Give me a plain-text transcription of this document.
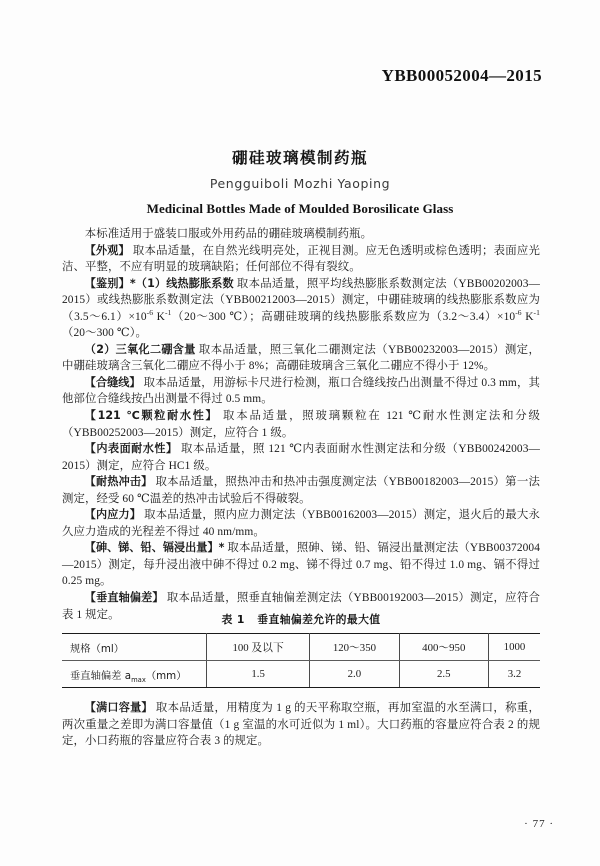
YBB00052004—2015
硼硅玻璃模制药瓶
Pengguiboli Mozhi Yaoping
Medicinal Bottles Made of Moulded Borosilicate Glass

本标准适用于盛装口服或外用药品的硼硅玻璃模制药瓶。

【外观】 取本品适量，在自然光线明亮处，正视目测。应无色透明或棕色透明；表面应光洁、平整，不应有明显的玻璃缺陷；任何部位不得有裂纹。

【鉴别】*（1）线热膨胀系数 取本品适量，照平均线热膨胀系数测定法（YBB00202003—2015）或线热膨胀系数测定法（YBB00212003—2015）测定，中硼硅玻璃的线热膨胀系数应为$(3.5\sim 6.1)\times 10^{-6}$ $K^{-1}(20\sim 300$ ℃）；高硼硅玻璃的线热膨胀系数应为$(3.2\sim 3.4)\times 10^{-6}$ $K^{-1}(20\sim 300$ ℃）。

（2）三氧化二硼含量 取本品适量，照三氧化二硼测定法（YBB00232003—2015）测定，中硼硅玻璃含三氧化二硼应不得小于 8%；高硼硅玻璃含三氧化二硼应不得小于 12%。

【合缝线】 取本品适量，用游标卡尺进行检测，瓶口合缝线按凸出测量不得过 0.3 mm，其他部位合缝线按凸出测量不得过 0.5 mm。

【121 ℃颗粒耐水性】 取本品适量，照玻璃颗粒在 121 ℃耐水性测定法和分级（YBB00252003—2015）测定，应符合 1 级。

【内表面耐水性】 取本品适量，照 121 ℃内表面耐水性测定法和分级（YBB00242003—2015）测定，应符合 HC1 级。

【耐热冲击】 取本品适量，照热冲击和热冲击强度测定法（YBB00182003—2015）第一法测定，经受 60 ℃温差的热冲击试验后不得破裂。

【内应力】 取本品适量，照内应力测定法（YBB00162003—2015）测定，退火后的最大永久应力造成的光程差不得过 40 nm/mm。

【砷、锑、铅、镉浸出量】* 取本品适量，照砷、锑、铅、镉浸出量测定法（YBB00372004—2015）测定，每升浸出液中砷不得过 0.2 mg、锑不得过 0.7 mg、铅不得过 1.0 mg、镉不得过 0.25 mg。

【垂直轴偏差】 取本品适量，照垂直轴偏差测定法（YBB00192003—2015）测定，应符合表 1 规定。	表 1 垂直轴偏差允许的最大值
规格（ml）	100 及以下	120～350	400～950	1000
垂直轴偏差 $a_{max}(mm)$	1.5	2.0	2.5	3.2

【满口容量】 取本品适量，用精度为 1 g 的天平称取空瓶，再加室温的水至满口，称重，两次重量之差即为满口容量值（1 g 室温的水可近似为 1 ml）。大口药瓶的容量应符合表 2 的规定，小口药瓶的容量应符合表 3 的规定。

· 77 ·
